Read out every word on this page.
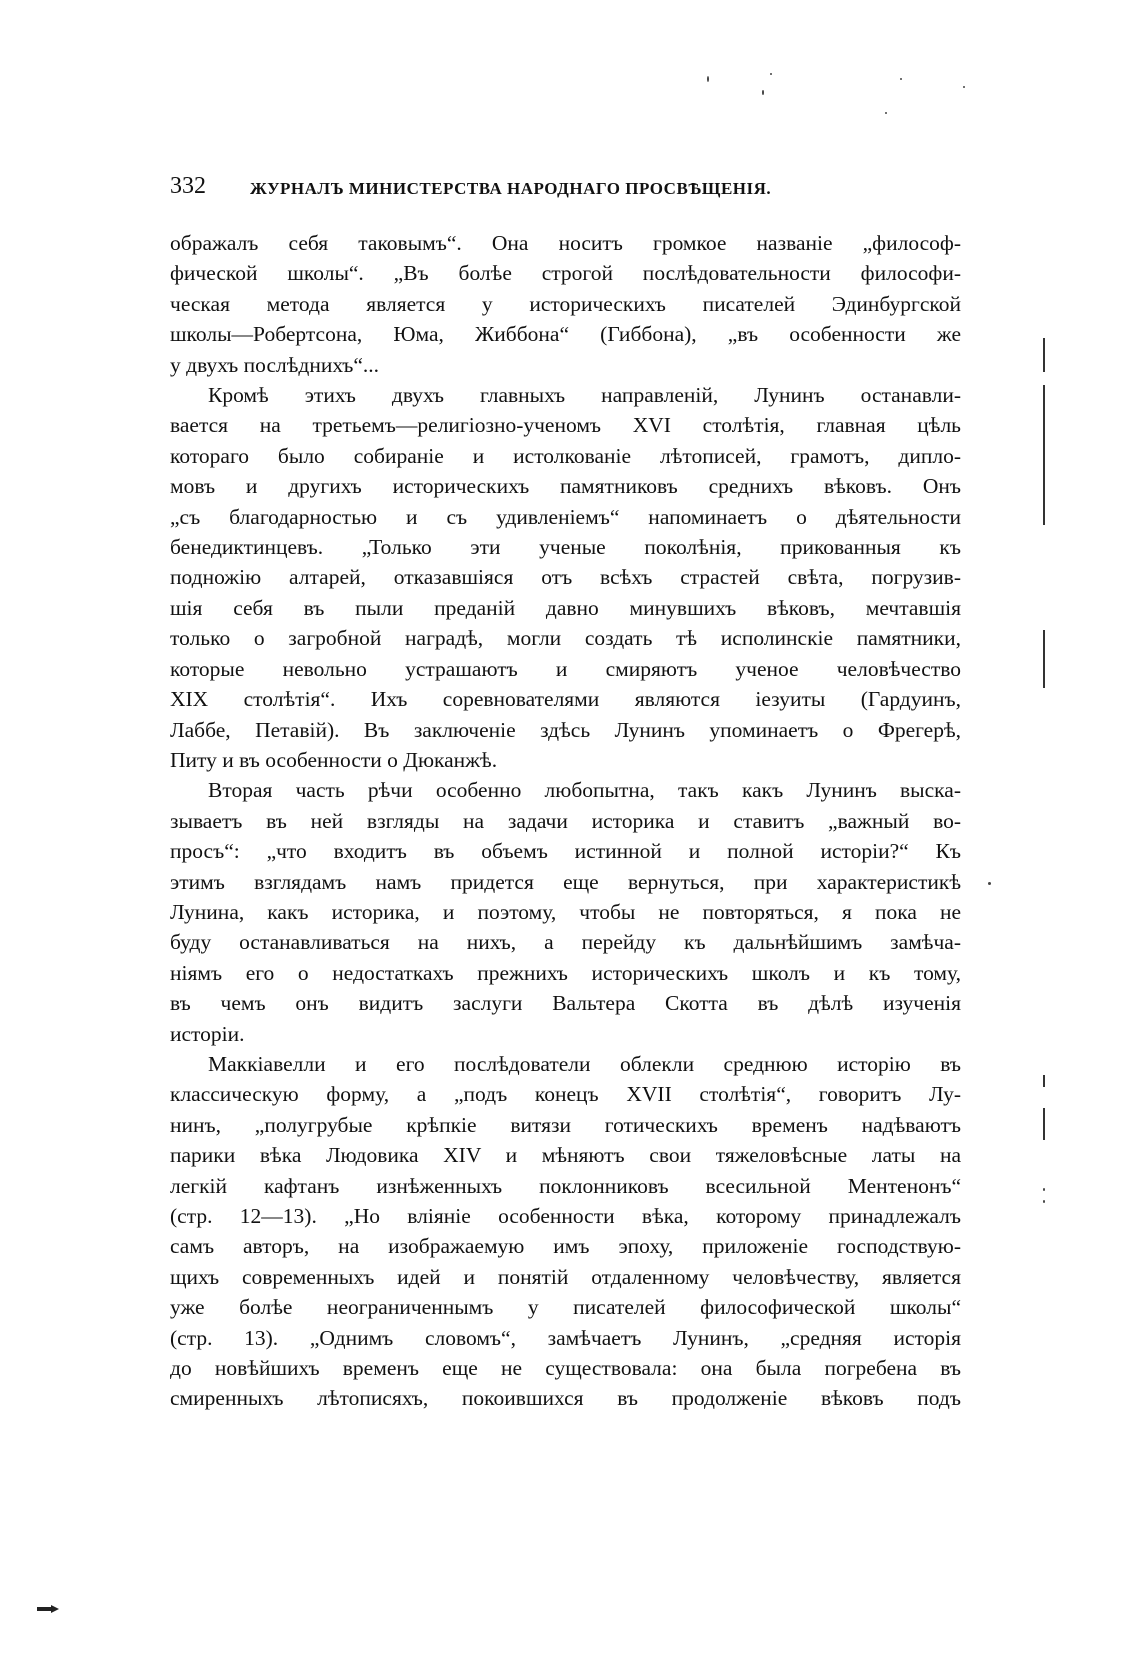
332	ЖУРНАЛЪ МИНИСТЕРСТВА НАРОДНАГО ПРОСВѢЩЕНІЯ.

ображалъ себя таковымъ“. Она носитъ громкое названіе „философ-
фической школы“. „Въ болѣе строгой послѣдовательности философи-
ческая метода является у историческихъ писателей Эдинбургской
школы—Робертсона, Юма, Жиббона“ (Гиббона), „въ особенности же
у двухъ послѣднихъ“...

Кромѣ этихъ двухъ главныхъ направленій, Лунинъ останавли-
вается на третьемъ—религіозно-ученомъ XVI столѣтія, главная цѣль
котораго было собираніе и истолкованіе лѣтописей, грамотъ, дипло-
мовъ и другихъ историческихъ памятниковъ среднихъ вѣковъ. Онъ
„съ благодарностью и съ удивленіемъ“ напоминаетъ о дѣятельности
бенедиктинцевъ. „Только эти ученые поколѣнія, прикованныя къ
подножію алтарей, отказавшіяся отъ всѣхъ страстей свѣта, погрузив-
шія себя въ пыли преданій давно минувшихъ вѣковъ, мечтавшія
только о загробной наградѣ, могли создать тѣ исполинскіе памятники,
которые невольно устрашаютъ и смиряютъ ученое человѣчество
XIX столѣтія“. Ихъ соревнователями являются іезуиты (Гардуинъ,
Лаббе, Петавій). Въ заключеніе здѣсь Лунинъ упоминаетъ о Фрегерѣ,
Питу и въ особенности о Дюканжѣ.

Вторая часть рѣчи особенно любопытна, такъ какъ Лунинъ выска-
зываетъ въ ней взгляды на задачи историка и ставитъ „важный во-
просъ“: „что входитъ въ объемъ истинной и полной исторіи?“ Къ
этимъ взглядамъ намъ придется еще вернуться, при характеристикѣ
Лунина, какъ историка, и поэтому, чтобы не повторяться, я пока не
буду останавливаться на нихъ, а перейду къ дальнѣйшимъ замѣча-
ніямъ его о недостаткахъ прежнихъ историческихъ школъ и къ тому,
въ чемъ онъ видитъ заслуги Вальтера Скотта въ дѣлѣ изученія
исторіи.

Маккіавелли и его послѣдователи облекли среднюю исторію въ
классическую форму, а „подъ конецъ XVII столѣтія“, говоритъ Лу-
нинъ, „полугрубые крѣпкіе витязи готическихъ временъ надѣваютъ
парики вѣка Людовика XIV и мѣняютъ свои тяжеловѣсные латы на
легкій кафтанъ изнѣженныхъ поклонниковъ всесильной Ментенонъ“
(стр. 12—13). „Но вліяніе особенности вѣка, которому принадлежалъ
самъ авторъ, на изображаемую имъ эпоху, приложеніе господствую-
щихъ современныхъ идей и понятій отдаленному человѣчеству, является
уже болѣе неограниченнымъ у писателей философической школы“
(стр. 13). „Однимъ словомъ“, замѣчаетъ Лунинъ, „средняя исторія
до новѣйшихъ временъ еще не существовала: она была погребена въ
смиренныхъ лѣтописяхъ, покоившихся въ продолженіе вѣковъ подъ
